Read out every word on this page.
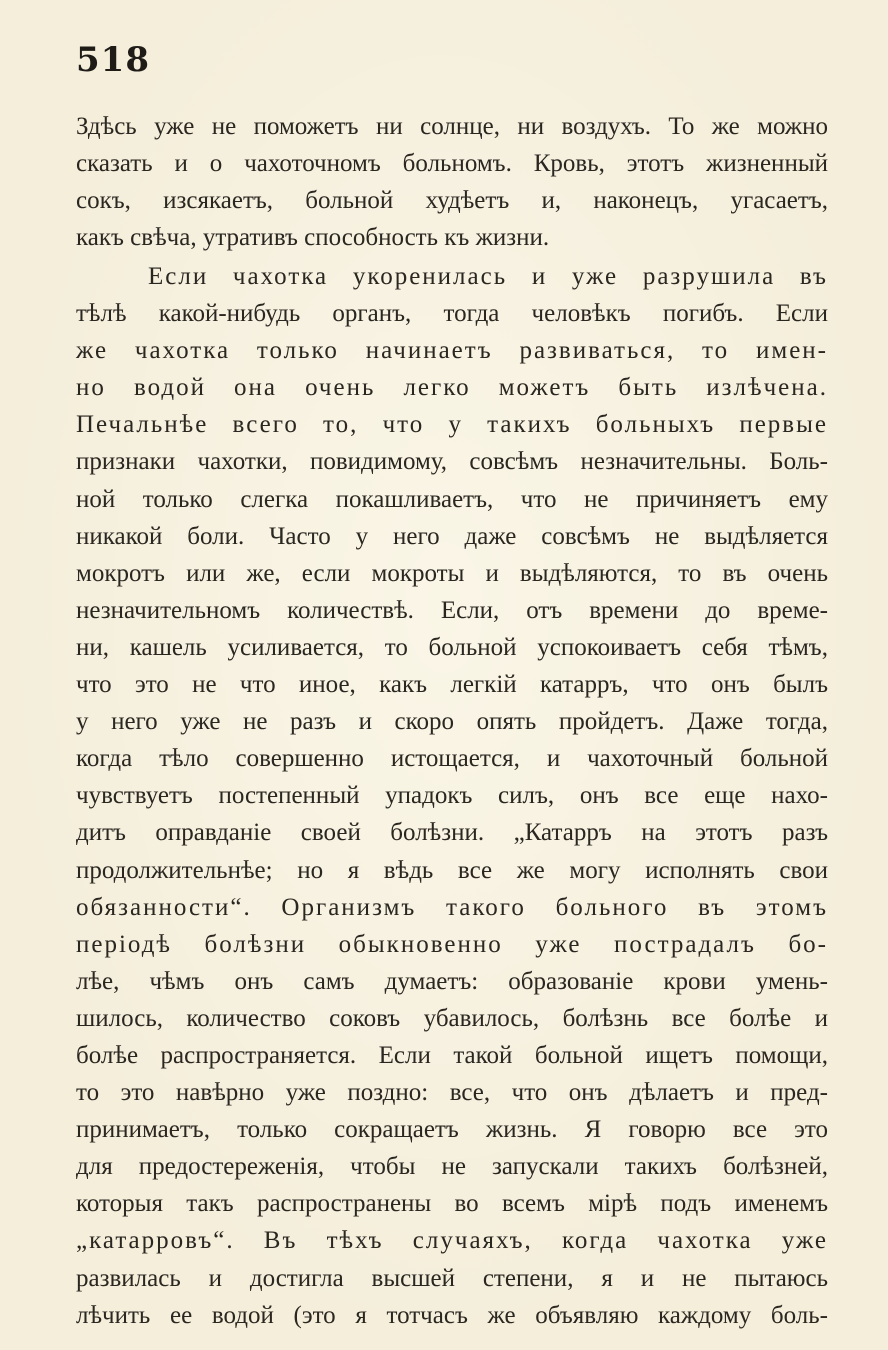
518
Здѣсь уже не поможетъ ни солнце, ни воздухъ. То же можно
сказать и о чахоточномъ больномъ. Кровь, этотъ жизненный
сокъ, изсякаетъ, больной худѣетъ и, наконецъ, угасаетъ,
какъ свѣча, утративъ способность къ жизни.
Если чахотка укоренилась и уже разрушила въ
тѣлѣ какой-нибудь органъ, тогда человѣкъ погибъ. Если
же чахотка только начинаетъ развиваться, то имен-
но водой она очень легко можетъ быть излѣчена.
Печальнѣе всего то, что у такихъ больныхъ первые
признаки чахотки, повидимому, совсѣмъ незначительны. Боль-
ной только слегка покашливаетъ, что не причиняетъ ему
никакой боли. Часто у него даже совсѣмъ не выдѣляется
мокротъ или же, если мокроты и выдѣляются, то въ очень
незначительномъ количествѣ. Если, отъ времени до време-
ни, кашель усиливается, то больной успокоиваетъ себя тѣмъ,
что это не что иное, какъ легкій катарръ, что онъ былъ
у него уже не разъ и скоро опять пройдетъ. Даже тогда,
когда тѣло совершенно истощается, и чахоточный больной
чувствуетъ постепенный упадокъ силъ, онъ все еще нахо-
дитъ оправданіе своей болѣзни. „Катарръ на этотъ разъ
продолжительнѣе; но я вѣдь все же могу исполнять свои
обязанности“. Организмъ такого больного въ этомъ
періодѣ болѣзни обыкновенно уже пострадалъ бо-
лѣе, чѣмъ онъ самъ думаетъ: образованіе крови умень-
шилось, количество соковъ убавилось, болѣзнь все болѣе и
болѣе распространяется. Если такой больной ищетъ помощи,
то это навѣрно уже поздно: все, что онъ дѣлаетъ и пред-
принимаетъ, только сокращаетъ жизнь. Я говорю все это
для предостереженія, чтобы не запускали такихъ болѣзней,
которыя такъ распространены во всемъ мірѣ подъ именемъ
„катарровъ“. Въ тѣхъ случаяхъ, когда чахотка уже
развилась и достигла высшей степени, я и не пытаюсь
лѣчить ее водой (это я тотчасъ же объявляю каждому боль-
